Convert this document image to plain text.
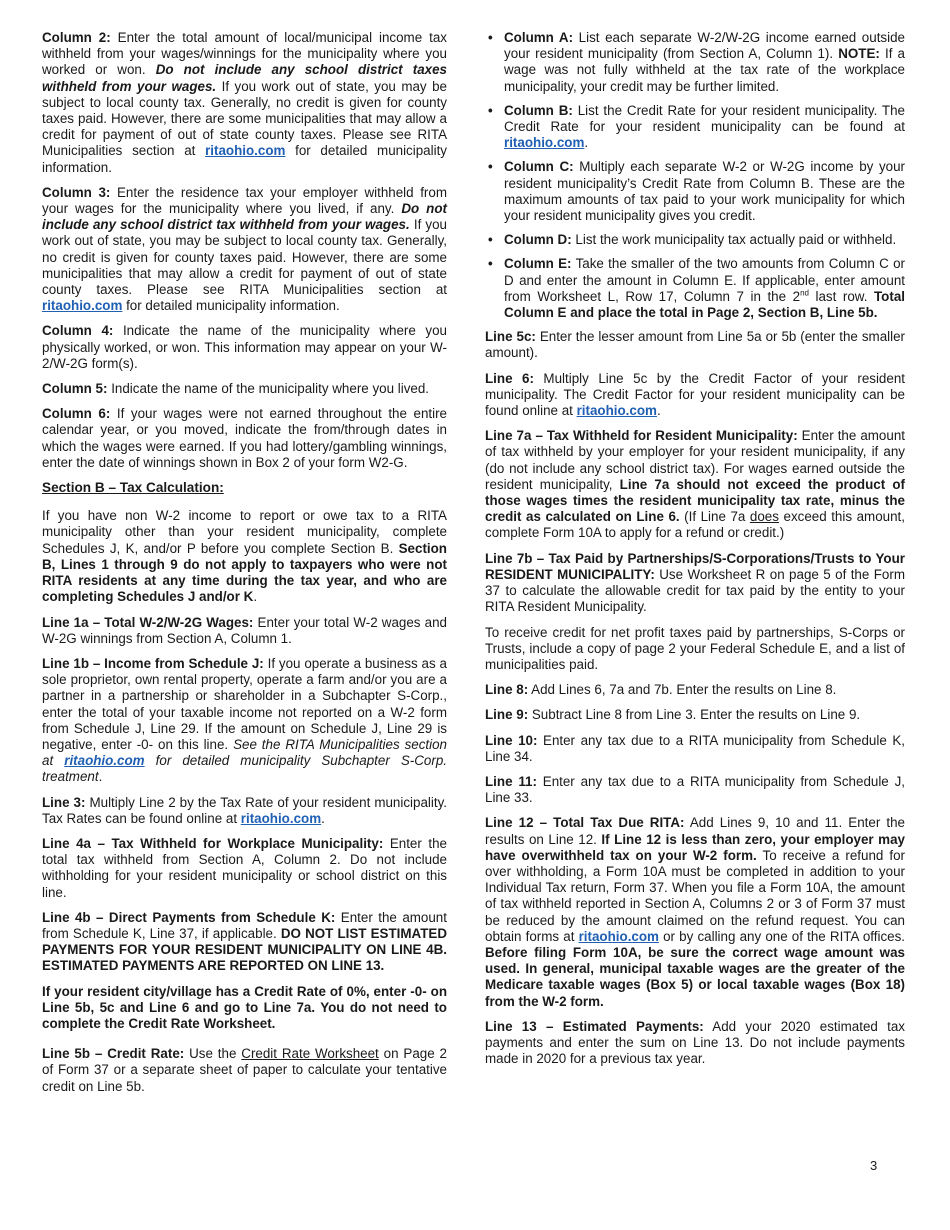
Column 2: Enter the total amount of local/municipal income tax withheld from your wages/winnings for the municipality where you worked or won. Do not include any school district taxes withheld from your wages. If you work out of state, you may be subject to local county tax. Generally, no credit is given for county taxes paid. However, there are some municipalities that may allow a credit for payment of out of state county taxes. Please see RITA Municipalities section at ritaohio.com for detailed municipality information.

Column 3: Enter the residence tax your employer withheld from your wages for the municipality where you lived, if any. Do not include any school district tax withheld from your wages. If you work out of state, you may be subject to local county tax. Generally, no credit is given for county taxes paid. However, there are some municipalities that may allow a credit for payment of out of state county taxes. Please see RITA Municipalities section at ritaohio.com for detailed municipality information.

Column 4: Indicate the name of the municipality where you physically worked, or won. This information may appear on your W-2/W-2G form(s).

Column 5: Indicate the name of the municipality where you lived.

Column 6: If your wages were not earned throughout the entire calendar year, or you moved, indicate the from/through dates in which the wages were earned. If you had lottery/gambling winnings, enter the date of winnings shown in Box 2 of your form W2-G.

Section B – Tax Calculation:

If you have non W-2 income to report or owe tax to a RITA municipality other than your resident municipality, complete Schedules J, K, and/or P before you complete Section B. Section B, Lines 1 through 9 do not apply to taxpayers who were not RITA residents at any time during the tax year, and who are completing Schedules J and/or K.

Line 1a – Total W-2/W-2G Wages: Enter your total W-2 wages and W-2G winnings from Section A, Column 1.

Line 1b – Income from Schedule J: If you operate a business as a sole proprietor, own rental property, operate a farm and/or you are a partner in a partnership or shareholder in a Subchapter S-Corp., enter the total of your taxable income not reported on a W-2 form from Schedule J, Line 29. If the amount on Schedule J, Line 29 is negative, enter -0- on this line. See the RITA Municipalities section at ritaohio.com for detailed municipality Subchapter S-Corp. treatment.

Line 3: Multiply Line 2 by the Tax Rate of your resident municipality. Tax Rates can be found online at ritaohio.com.

Line 4a – Tax Withheld for Workplace Municipality: Enter the total tax withheld from Section A, Column 2. Do not include withholding for your resident municipality or school district on this line.

Line 4b – Direct Payments from Schedule K: Enter the amount from Schedule K, Line 37, if applicable. DO NOT LIST ESTIMATED PAYMENTS FOR YOUR RESIDENT MUNICIPALITY ON LINE 4B. ESTIMATED PAYMENTS ARE REPORTED ON LINE 13.

If your resident city/village has a Credit Rate of 0%, enter -0- on Line 5b, 5c and Line 6 and go to Line 7a. You do not need to complete the Credit Rate Worksheet.

Line 5b – Credit Rate: Use the Credit Rate Worksheet on Page 2 of Form 37 or a separate sheet of paper to calculate your tentative credit on Line 5b.

• Column A: List each separate W-2/W-2G income earned outside your resident municipality (from Section A, Column 1). NOTE: If a wage was not fully withheld at the tax rate of the workplace municipality, your credit may be further limited.
• Column B: List the Credit Rate for your resident municipality. The Credit Rate for your resident municipality can be found at ritaohio.com.
• Column C: Multiply each separate W-2 or W-2G income by your resident municipality’s Credit Rate from Column B. These are the maximum amounts of tax paid to your work municipality for which your resident municipality gives you credit.
• Column D: List the work municipality tax actually paid or withheld.
• Column E: Take the smaller of the two amounts from Column C or D and enter the amount in Column E. If applicable, enter amount from Worksheet L, Row 17, Column 7 in the 2nd last row. Total Column E and place the total in Page 2, Section B, Line 5b.

Line 5c: Enter the lesser amount from Line 5a or 5b (enter the smaller amount).

Line 6: Multiply Line 5c by the Credit Factor of your resident municipality. The Credit Factor for your resident municipality can be found online at ritaohio.com.

Line 7a – Tax Withheld for Resident Municipality: Enter the amount of tax withheld by your employer for your resident municipality, if any (do not include any school district tax). For wages earned outside the resident municipality, Line 7a should not exceed the product of those wages times the resident municipality tax rate, minus the credit as calculated on Line 6. (If Line 7a does exceed this amount, complete Form 10A to apply for a refund or credit.)

Line 7b – Tax Paid by Partnerships/S-Corporations/Trusts to Your RESIDENT MUNICIPALITY: Use Worksheet R on page 5 of the Form 37 to calculate the allowable credit for tax paid by the entity to your RITA Resident Municipality.

To receive credit for net profit taxes paid by partnerships, S-Corps or Trusts, include a copy of page 2 your Federal Schedule E, and a list of municipalities paid.

Line 8: Add Lines 6, 7a and 7b. Enter the results on Line 8.

Line 9: Subtract Line 8 from Line 3. Enter the results on Line 9.

Line 10: Enter any tax due to a RITA municipality from Schedule K, Line 34.

Line 11: Enter any tax due to a RITA municipality from Schedule J, Line 33.

Line 12 – Total Tax Due RITA: Add Lines 9, 10 and 11. Enter the results on Line 12. If Line 12 is less than zero, your employer may have overwithheld tax on your W-2 form. To receive a refund for over withholding, a Form 10A must be completed in addition to your Individual Tax return, Form 37. When you file a Form 10A, the amount of tax withheld reported in Section A, Columns 2 or 3 of Form 37 must be reduced by the amount claimed on the refund request. You can obtain forms at ritaohio.com or by calling any one of the RITA offices. Before filing Form 10A, be sure the correct wage amount was used. In general, municipal taxable wages are the greater of the Medicare taxable wages (Box 5) or local taxable wages (Box 18) from the W-2 form.

Line 13 – Estimated Payments: Add your 2020 estimated tax payments and enter the sum on Line 13. Do not include payments made in 2020 for a previous tax year.

3
